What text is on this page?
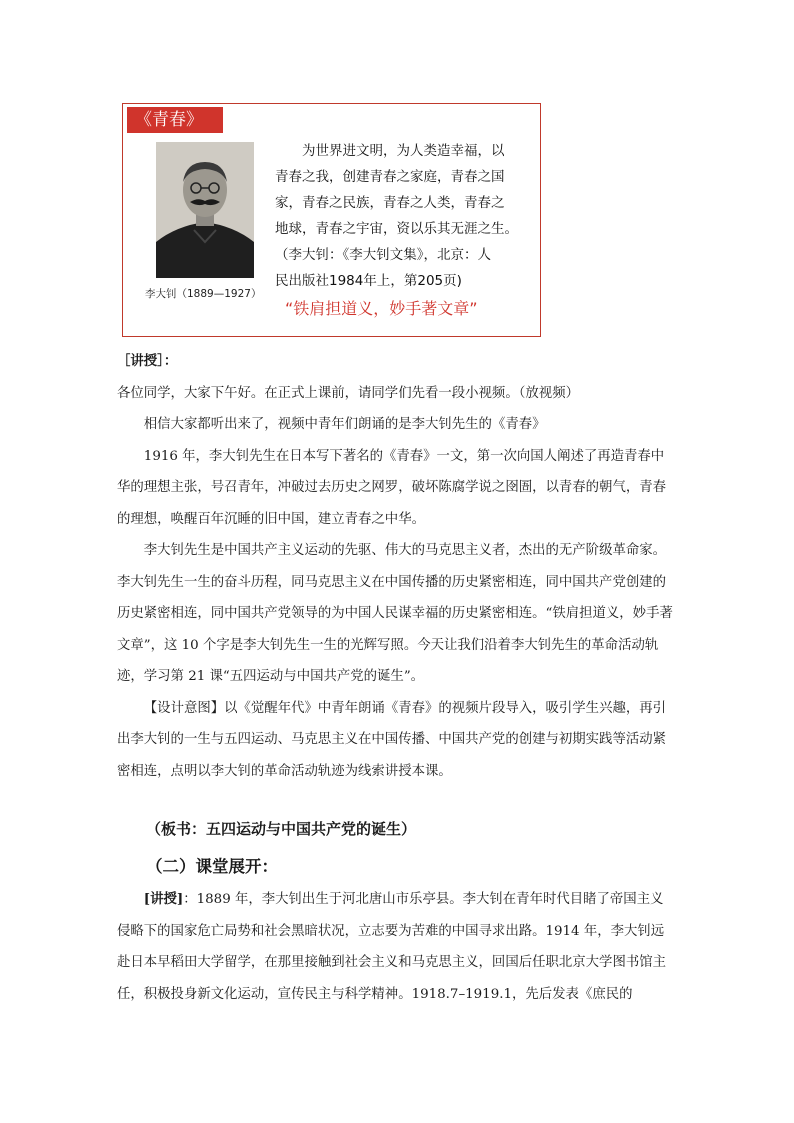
《青春》
李大钊（1889—1927）

为世界进文明，为人类造幸福，以

青春之我，创建青春之家庭，青春之国

家，青春之民族，青春之人类，青春之

地球，青春之宇宙，资以乐其无涯之生。

（李大钊：《李大钊文集》，北京：人

民出版社1984年上，第205页)

“铁肩担道义，妙手著文章”

［讲授］：

各位同学，大家下午好。在正式上课前，请同学们先看一段小视频。（放视频）

相信大家都听出来了，视频中青年们朗诵的是李大钊先生的《青春》

1916 年，李大钊先生在日本写下著名的《青春》一文，第一次向国人阐述了再造青春中华的理想主张，号召青年，冲破过去历史之网罗，破坏陈腐学说之囹圄，以青春的朝气，青春的理想，唤醒百年沉睡的旧中国，建立青春之中华。

李大钊先生是中国共产主义运动的先驱、伟大的马克思主义者，杰出的无产阶级革命家。李大钊先生一生的奋斗历程，同马克思主义在中国传播的历史紧密相连，同中国共产党创建的历史紧密相连，同中国共产党领导的为中国人民谋幸福的历史紧密相连。“铁肩担道义，妙手著文章”，这 10 个字是李大钊先生一生的光辉写照。今天让我们沿着李大钊先生的革命活动轨迹，学习第 21 课“五四运动与中国共产党的诞生”。

【设计意图】以《觉醒年代》中青年朗诵《青春》的视频片段导入，吸引学生兴趣，再引出李大钊的一生与五四运动、马克思主义在中国传播、中国共产党的创建与初期实践等活动紧密相连，点明以李大钊的革命活动轨迹为线索讲授本课。

（板书：五四运动与中国共产党的诞生）

（二）课堂展开：

[讲授]：1889 年，李大钊出生于河北唐山市乐亭县。李大钊在青年时代目睹了帝国主义侵略下的国家危亡局势和社会黑暗状况，立志要为苦难的中国寻求出路。1914 年，李大钊远赴日本早稻田大学留学，在那里接触到社会主义和马克思主义，回国后任职北京大学图书馆主任，积极投身新文化运动，宣传民主与科学精神。1918.7–1919.1，先后发表《庶民的
